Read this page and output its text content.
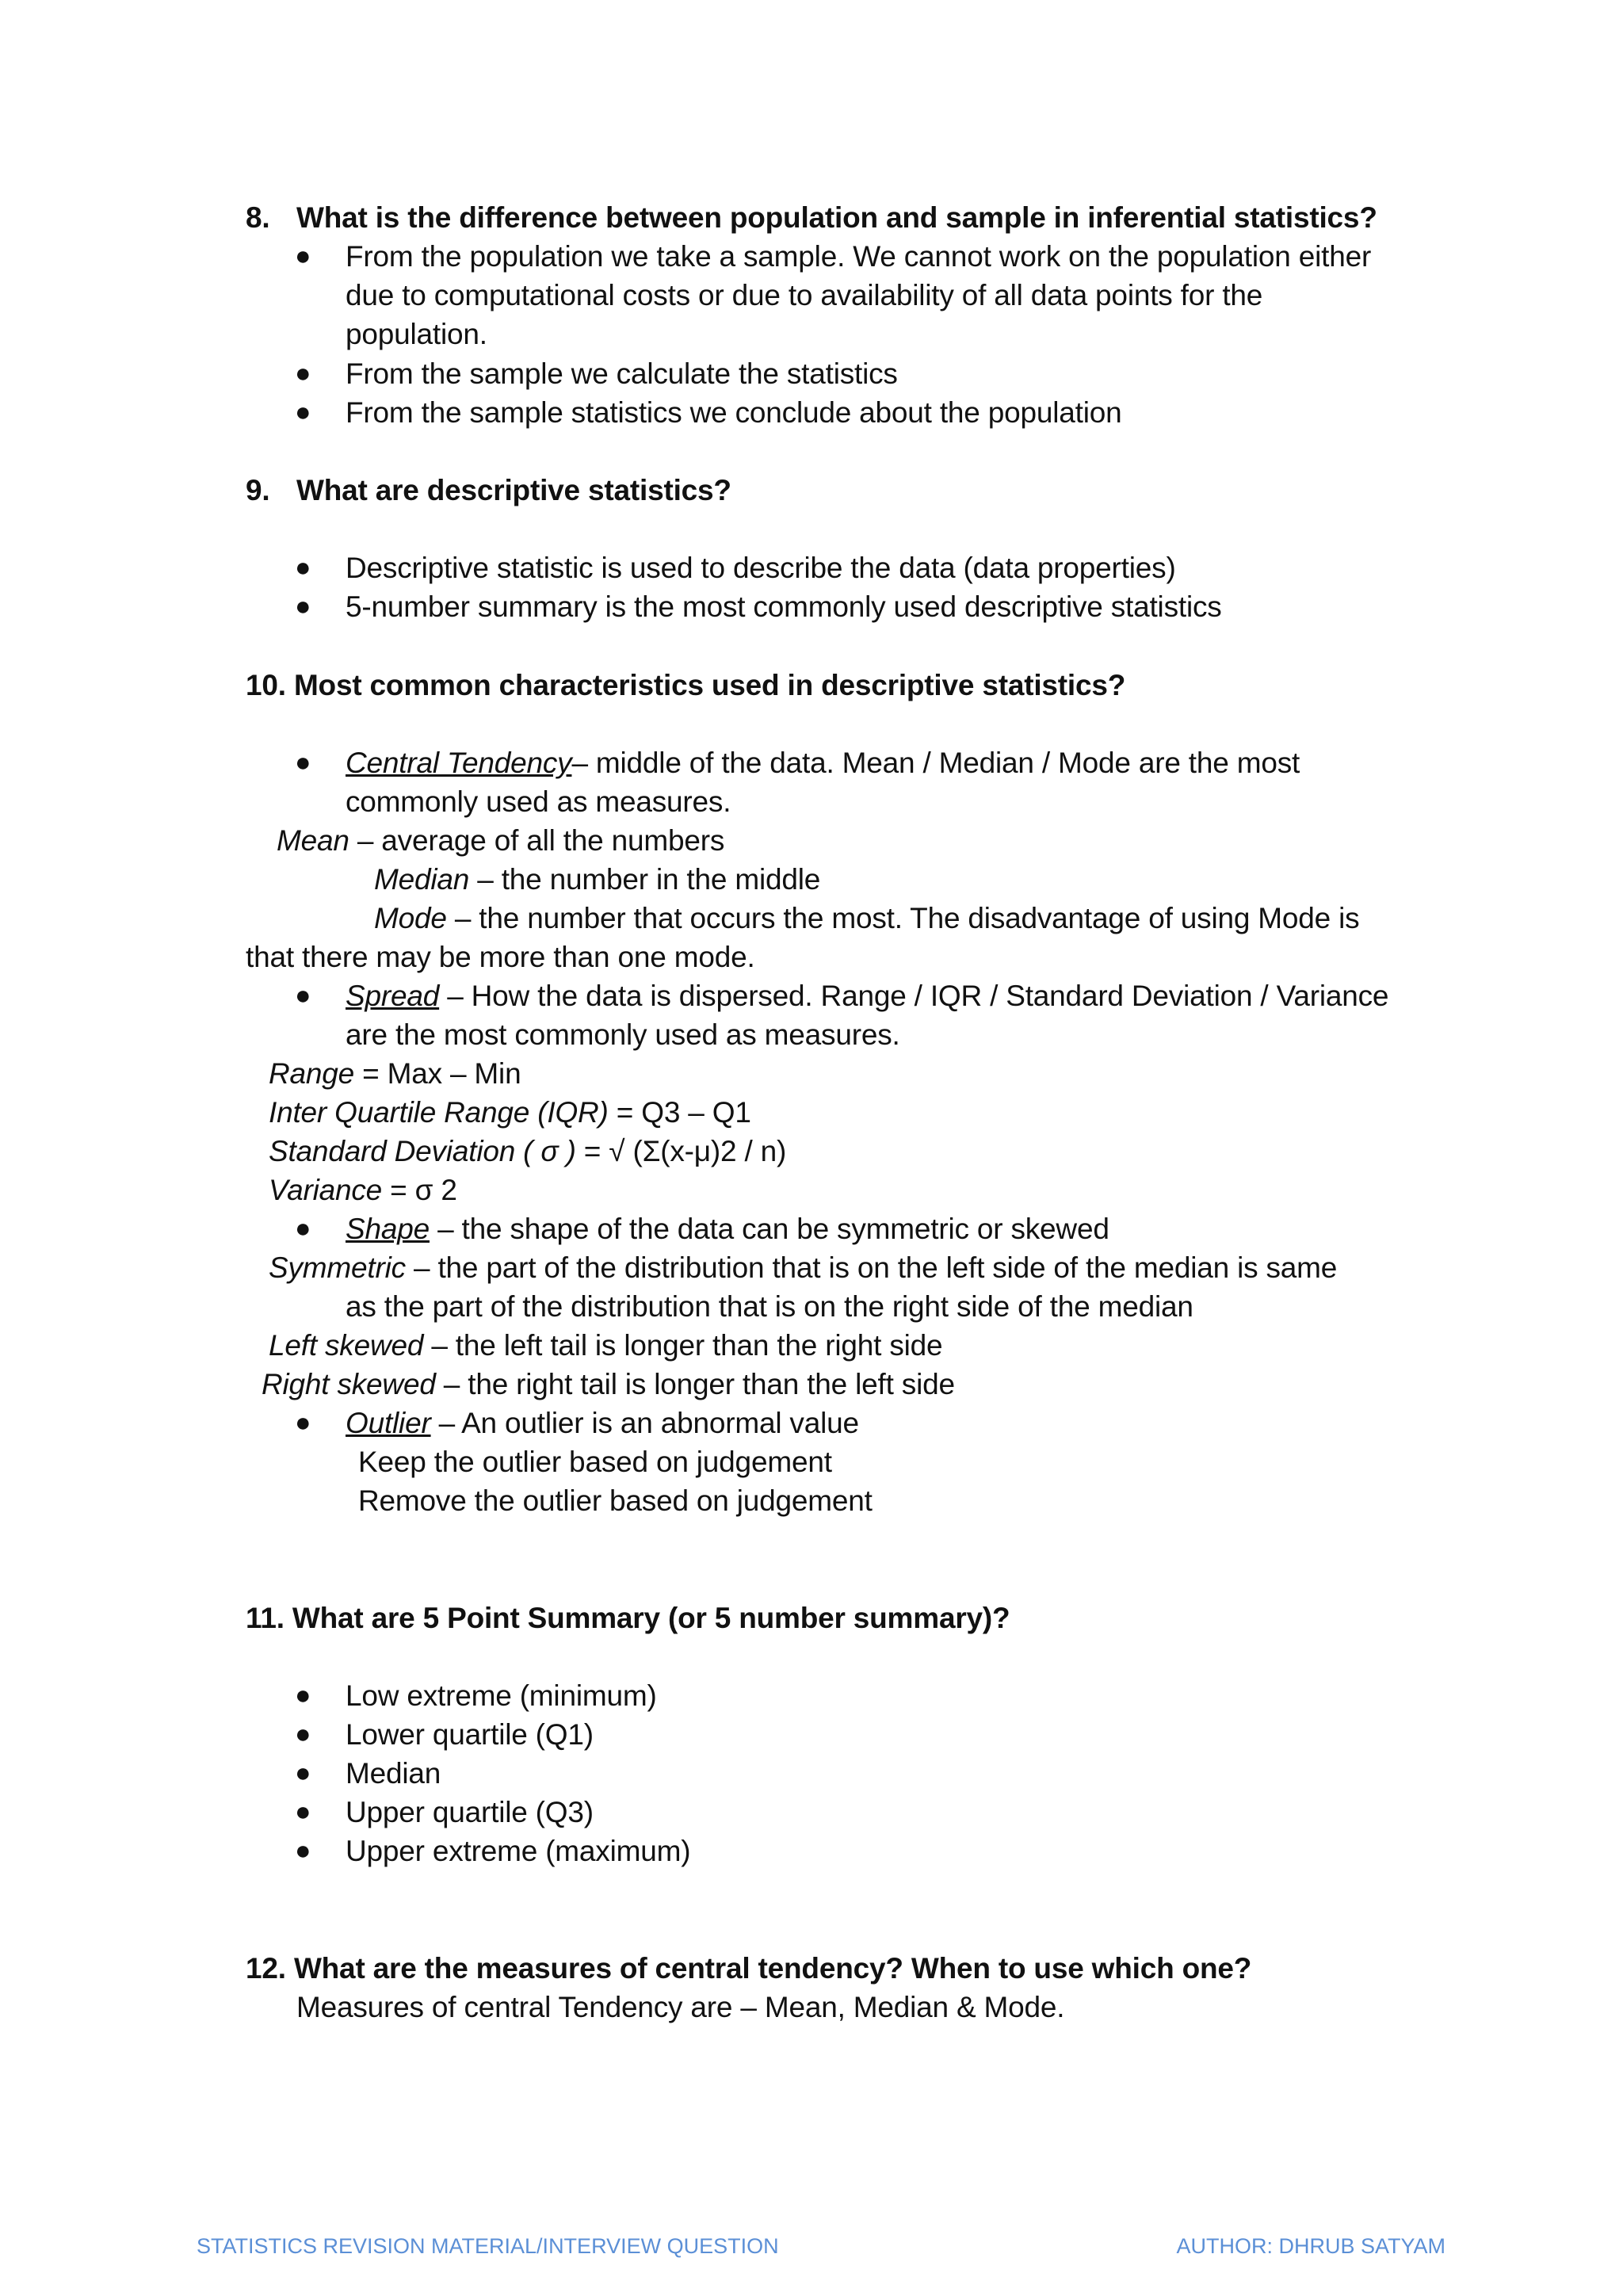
8. What is the difference between population and sample in inferential statistics?
● From the population we take a sample. We cannot work on the population either
due to computational costs or due to availability of all data points for the
population.
● From the sample we calculate the statistics
● From the sample statistics we conclude about the population
9. What are descriptive statistics?
● Descriptive statistic is used to describe the data (data properties)
● 5-number summary is the most commonly used descriptive statistics
10. Most common characteristics used in descriptive statistics?
● Central Tendency– middle of the data. Mean / Median / Mode are the most
commonly used as measures.
Mean – average of all the numbers
Median – the number in the middle
Mode – the number that occurs the most. The disadvantage of using Mode is
that there may be more than one mode.
● Spread – How the data is dispersed. Range / IQR / Standard Deviation / Variance
are the most commonly used as measures.
Range = Max – Min
Inter Quartile Range (IQR) = Q3 – Q1
Standard Deviation ( σ ) = √ (Σ(x-μ)2 / n)
Variance = σ 2
● Shape – the shape of the data can be symmetric or skewed
Symmetric – the part of the distribution that is on the left side of the median is same
as the part of the distribution that is on the right side of the median
Left skewed – the left tail is longer than the right side
Right skewed – the right tail is longer than the left side
● Outlier – An outlier is an abnormal value
Keep the outlier based on judgement
Remove the outlier based on judgement
11. What are 5 Point Summary (or 5 number summary)?
● Low extreme (minimum)
● Lower quartile (Q1)
● Median
● Upper quartile (Q3)
● Upper extreme (maximum)
12. What are the measures of central tendency? When to use which one?
Measures of central Tendency are – Mean, Median & Mode.
STATISTICS REVISION MATERIAL/INTERVIEW QUESTION	AUTHOR: DHRUB SATYAM
